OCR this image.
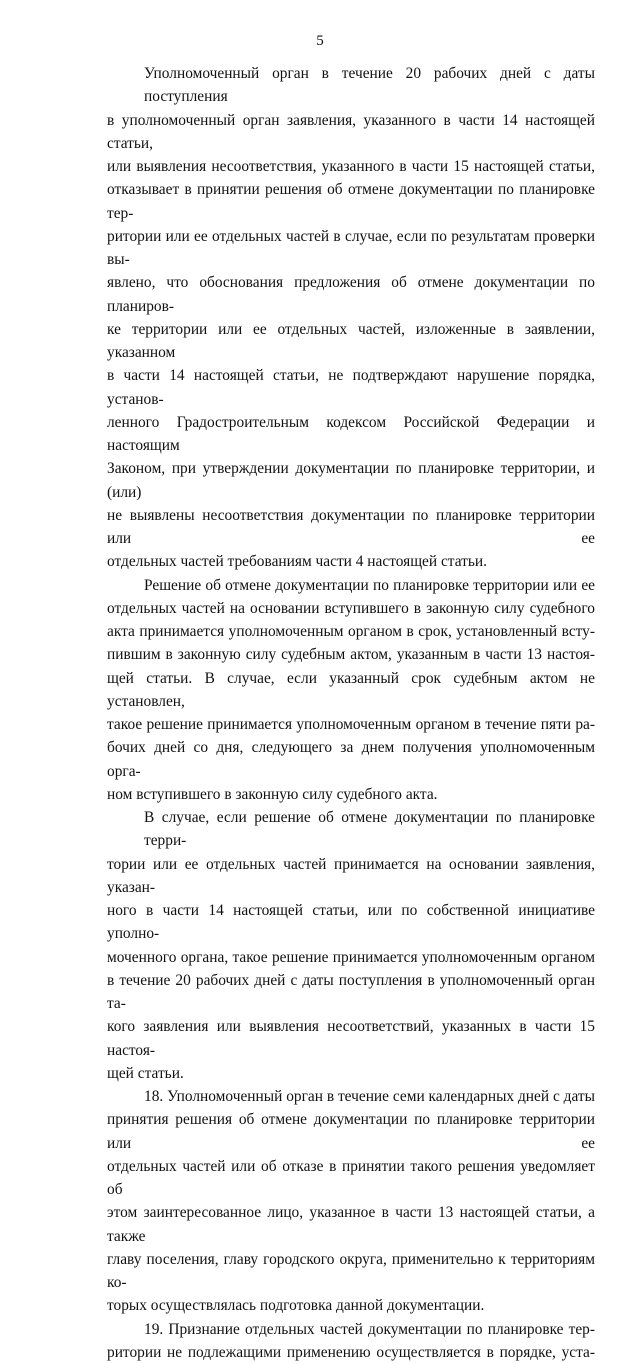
5
Уполномоченный орган в течение 20 рабочих дней с даты поступления
в уполномоченный орган заявления, указанного в части 14 настоящей статьи,
или выявления несоответствия, указанного в части 15 настоящей статьи,
отказывает в принятии решения об отмене документации по планировке тер-
ритории или ее отдельных частей в случае, если по результатам проверки вы-
явлено, что обоснования предложения об отмене документации по планиров-
ке территории или ее отдельных частей, изложенные в заявлении, указанном
в части 14 настоящей статьи, не подтверждают нарушение порядка, установ-
ленного Градостроительным кодексом Российской Федерации и настоящим
Законом, при утверждении документации по планировке территории, и (или)
не выявлены несоответствия документации по планировке территории или ее
отдельных частей требованиям части 4 настоящей статьи.
Решение об отмене документации по планировке территории или ее
отдельных частей на основании вступившего в законную силу судебного
акта принимается уполномоченным органом в срок, установленный всту-
пившим в законную силу судебным актом, указанным в части 13 настоя-
щей статьи. В случае, если указанный срок судебным актом не установлен,
такое решение принимается уполномоченным органом в течение пяти ра-
бочих дней со дня, следующего за днем получения уполномоченным орга-
ном вступившего в законную силу судебного акта.
В случае, если решение об отмене документации по планировке терри-
тории или ее отдельных частей принимается на основании заявления, указан-
ного в части 14 настоящей статьи, или по собственной инициативе уполно-
моченного органа, такое решение принимается уполномоченным органом
в течение 20 рабочих дней с даты поступления в уполномоченный орган та-
кого заявления или выявления несоответствий, указанных в части 15 настоя-
щей статьи.
18. Уполномоченный орган в течение семи календарных дней с даты
принятия решения об отмене документации по планировке территории или ее
отдельных частей или об отказе в принятии такого решения уведомляет об
этом заинтересованное лицо, указанное в части 13 настоящей статьи, а также
главу поселения, главу городского округа, применительно к территориям ко-
торых осуществлялась подготовка данной документации.
19. Признание отдельных частей документации по планировке тер-
ритории не подлежащими применению осуществляется в порядке, уста-
